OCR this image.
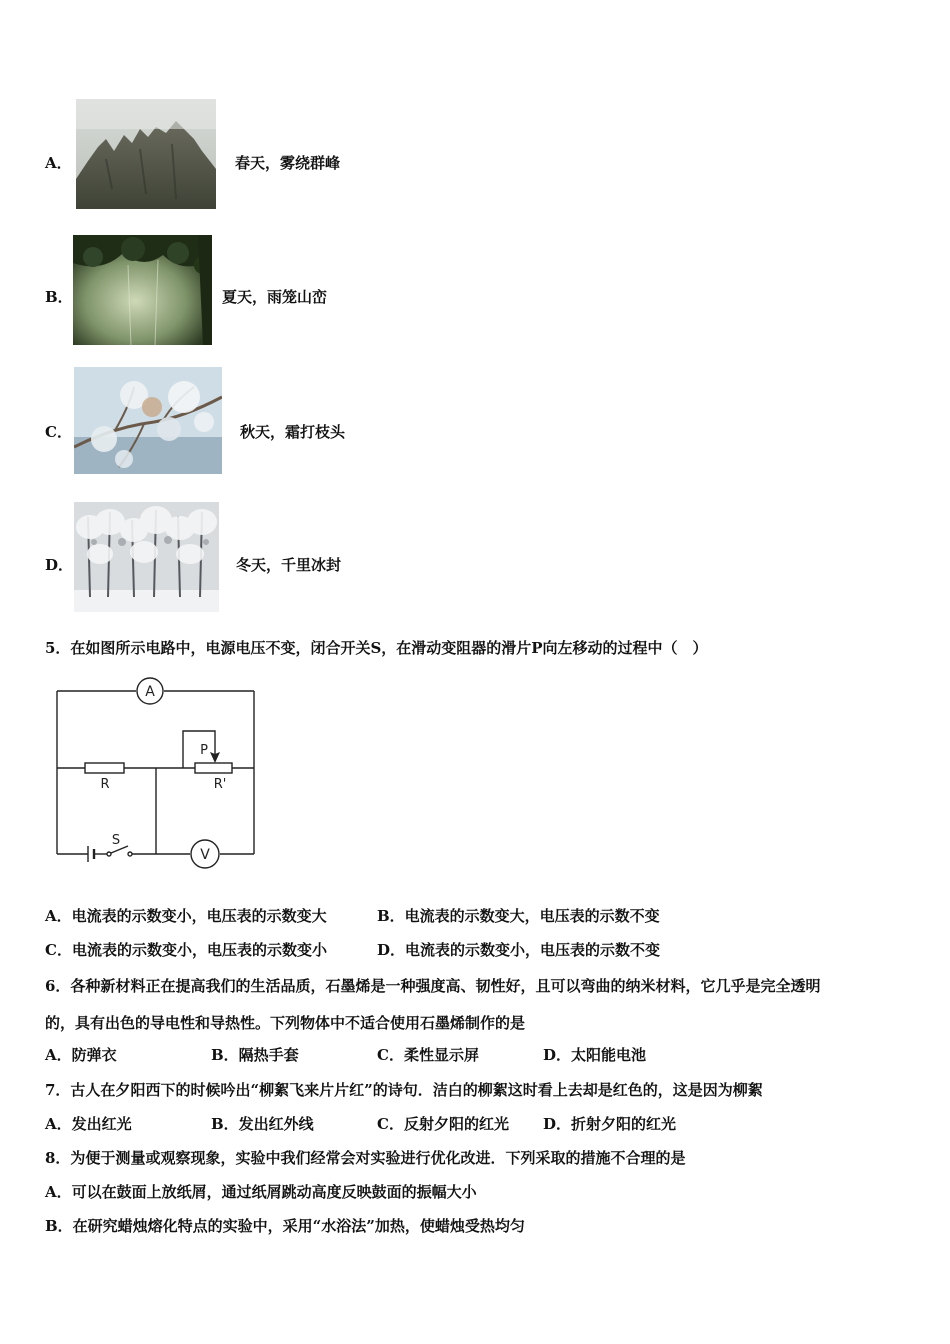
A．	春天，雾绕群峰
B．	夏天，雨笼山峦
C．	秋天，霜打枝头
D．	冬天，千里冰封
5．在如图所示电路中，电源电压不变，闭合开关S，在滑动变阻器的滑片P向左移动的过程中（　）
A
R
P
R'
S
V
A．电流表的示数变小，电压表的示数变大	B．电流表的示数变大，电压表的示数不变
C．电流表的示数变小，电压表的示数变小	D．电流表的示数变小，电压表的示数不变
6．各种新材料正在提高我们的生活品质，石墨烯是一种强度高、韧性好，且可以弯曲的纳米材料，它几乎是完全透明
的，具有出色的导电性和导热性。下列物体中不适合使用石墨烯制作的是
A．防弹衣	B．隔热手套	C．柔性显示屏	D．太阳能电池
7．古人在夕阳西下的时候吟出“柳絮飞来片片红”的诗句．洁白的柳絮这时看上去却是红色的，这是因为柳絮
A．发出红光	B．发出红外线	C．反射夕阳的红光 D．折射夕阳的红光
8．为便于测量或观察现象，实验中我们经常会对实验进行优化改进．下列采取的措施不合理的是
A．可以在鼓面上放纸屑，通过纸屑跳动高度反映鼓面的振幅大小
B．在研究蜡烛熔化特点的实验中，采用“水浴法”加热，使蜡烛受热均匀
